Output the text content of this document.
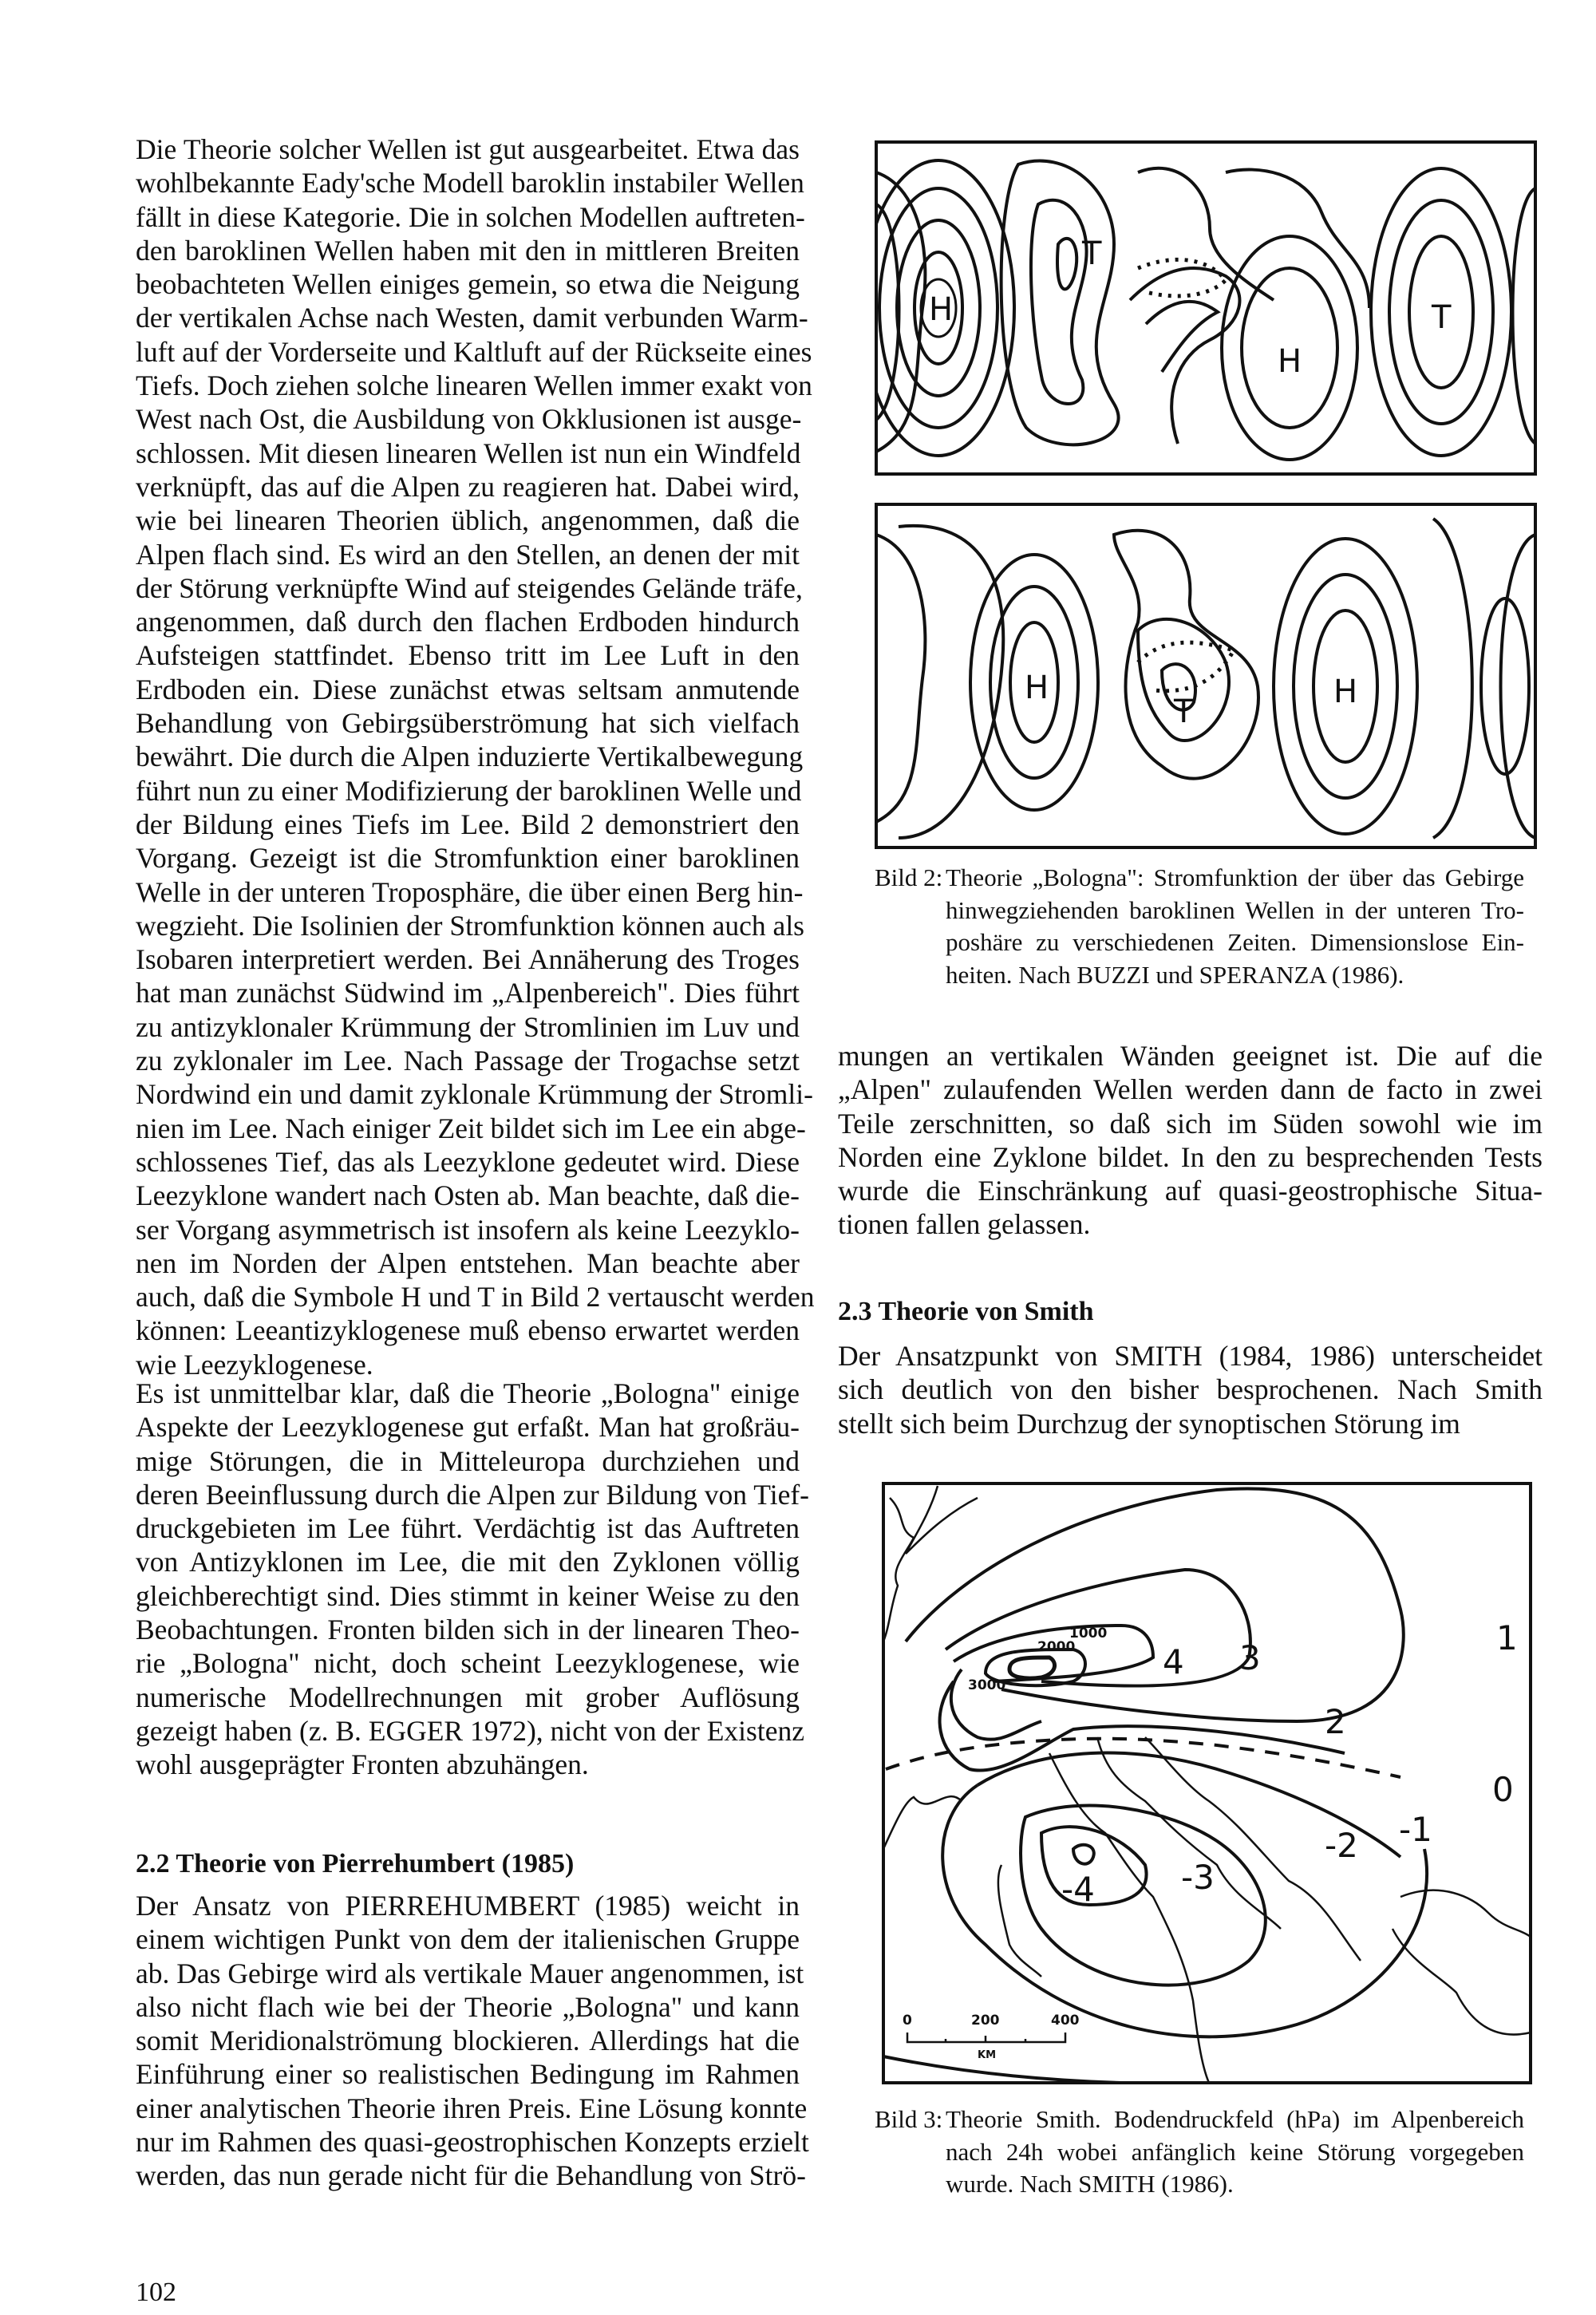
Die Theorie solcher Wellen ist gut ausgearbeitet. Etwa das
wohlbekannte Eady'sche Modell baroklin instabiler Wellen
fällt in diese Kategorie. Die in solchen Modellen auftreten-
den baroklinen Wellen haben mit den in mittleren Breiten
beobachteten Wellen einiges gemein, so etwa die Neigung
der vertikalen Achse nach Westen, damit verbunden Warm-
luft auf der Vorderseite und Kaltluft auf der Rückseite eines
Tiefs. Doch ziehen solche linearen Wellen immer exakt von
West nach Ost, die Ausbildung von Okklusionen ist ausge-
schlossen. Mit diesen linearen Wellen ist nun ein Windfeld
verknüpft, das auf die Alpen zu reagieren hat. Dabei wird,
wie bei linearen Theorien üblich, angenommen, daß die
Alpen flach sind. Es wird an den Stellen, an denen der mit
der Störung verknüpfte Wind auf steigendes Gelände träfe,
angenommen, daß durch den flachen Erdboden hindurch
Aufsteigen stattfindet. Ebenso tritt im Lee Luft in den
Erdboden ein. Diese zunächst etwas seltsam anmutende
Behandlung von Gebirgsüberströmung hat sich vielfach
bewährt. Die durch die Alpen induzierte Vertikalbewegung
führt nun zu einer Modifizierung der baroklinen Welle und
der Bildung eines Tiefs im Lee. Bild 2 demonstriert den
Vorgang. Gezeigt ist die Stromfunktion einer baroklinen
Welle in der unteren Troposphäre, die über einen Berg hin-
wegzieht. Die Isolinien der Stromfunktion können auch als
Isobaren interpretiert werden. Bei Annäherung des Troges
hat man zunächst Südwind im „Alpenbereich". Dies führt
zu antizyklonaler Krümmung der Stromlinien im Luv und
zu zyklonaler im Lee. Nach Passage der Trogachse setzt
Nordwind ein und damit zyklonale Krümmung der Stromli-
nien im Lee. Nach einiger Zeit bildet sich im Lee ein abge-
schlossenes Tief, das als Leezyklone gedeutet wird. Diese
Leezyklone wandert nach Osten ab. Man beachte, daß die-
ser Vorgang asymmetrisch ist insofern als keine Leezyklo-
nen im Norden der Alpen entstehen. Man beachte aber
auch, daß die Symbole H und T in Bild 2 vertauscht werden
können: Leeantizyklogenese muß ebenso erwartet werden
wie Leezyklogenese.
Es ist unmittelbar klar, daß die Theorie „Bologna" einige
Aspekte der Leezyklogenese gut erfaßt. Man hat großräu-
mige Störungen, die in Mitteleuropa durchziehen und
deren Beeinflussung durch die Alpen zur Bildung von Tief-
druckgebieten im Lee führt. Verdächtig ist das Auftreten
von Antizyklonen im Lee, die mit den Zyklonen völlig
gleichberechtigt sind. Dies stimmt in keiner Weise zu den
Beobachtungen. Fronten bilden sich in der linearen Theo-
rie „Bologna" nicht, doch scheint Leezyklogenese, wie
numerische Modellrechnungen mit grober Auflösung
gezeigt haben (z. B. EGGER 1972), nicht von der Existenz
wohl ausgeprägter Fronten abzuhängen.
2.2 Theorie von Pierrehumbert (1985)
Der Ansatz von PIERREHUMBERT (1985) weicht in
einem wichtigen Punkt von dem der italienischen Gruppe
ab. Das Gebirge wird als vertikale Mauer angenommen, ist
also nicht flach wie bei der Theorie „Bologna" und kann
somit Meridionalströmung blockieren. Allerdings hat die
Einführung einer so realistischen Bedingung im Rahmen
einer analytischen Theorie ihren Preis. Eine Lösung konnte
nur im Rahmen des quasi-geostrophischen Konzepts erzielt
werden, das nun gerade nicht für die Behandlung von Strö-
H
T
H
T
H
T
H
Bild 2: Theorie „Bologna": Stromfunktion der über das Gebirge
hinwegziehenden baroklinen Wellen in der unteren Tro-
poshäre zu verschiedenen Zeiten. Dimensionslose Ein-
heiten. Nach BUZZI und SPERANZA (1986).
mungen an vertikalen Wänden geeignet ist. Die auf die
„Alpen" zulaufenden Wellen werden dann de facto in zwei
Teile zerschnitten, so daß sich im Süden sowohl wie im
Norden eine Zyklone bildet. In den zu besprechenden Tests
wurde die Einschränkung auf quasi-geostrophische Situa-
tionen fallen gelassen.
2.3 Theorie von Smith
Der Ansatzpunkt von SMITH (1984, 1986) unterscheidet
sich deutlich von den bisher besprochenen. Nach Smith
stellt sich beim Durchzug der synoptischen Störung im
1
2
3
4
0
-1
-2
-3
-4
1000
2000
3000
0	200	400
KM
Bild 3: Theorie Smith. Bodendruckfeld (hPa) im Alpenbereich
nach 24h wobei anfänglich keine Störung vorgegeben
wurde. Nach SMITH (1986).
102
